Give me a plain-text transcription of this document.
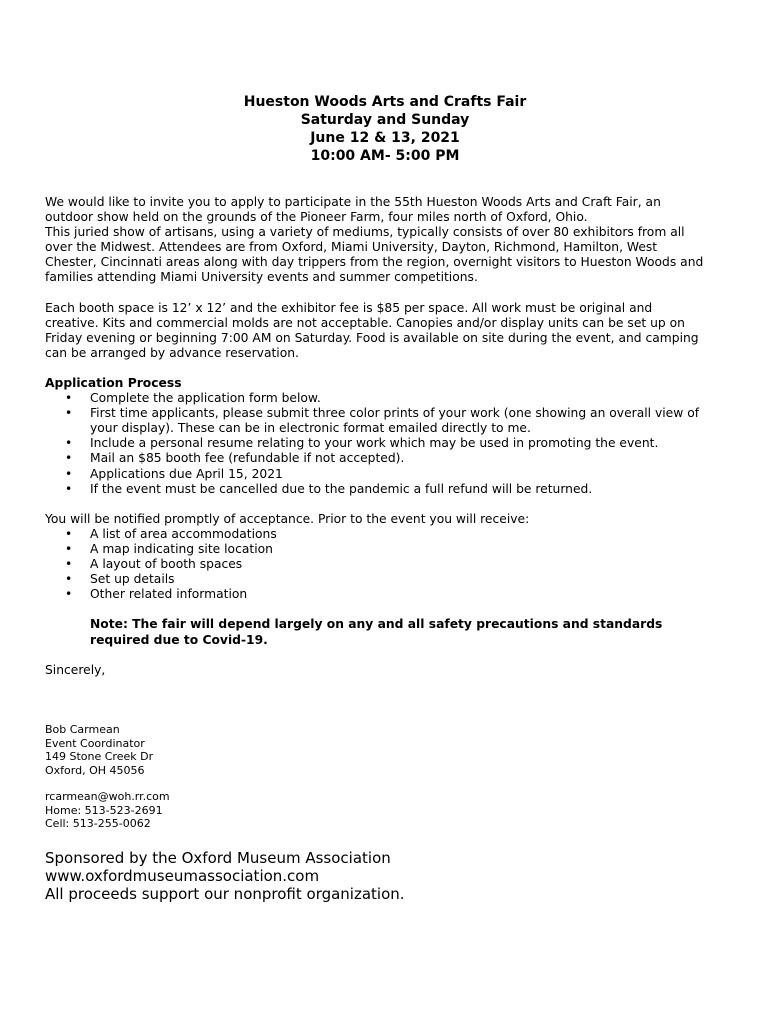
Hueston Woods Arts and Crafts Fair
Saturday and Sunday
June 12 & 13, 2021
10:00 AM- 5:00 PM

We would like to invite you to apply to participate in the 55th Hueston Woods Arts and Craft Fair, an

outdoor show held on the grounds of the Pioneer Farm, four miles north of Oxford, Ohio.

This juried show of artisans, using a variety of mediums, typically consists of over 80 exhibitors from all

over the Midwest. Attendees are from Oxford, Miami University, Dayton, Richmond, Hamilton, West

Chester, Cincinnati areas along with day trippers from the region, overnight visitors to Hueston Woods and

families attending Miami University events and summer competitions.

Each booth space is 12’ x 12’ and the exhibitor fee is $85 per space. All work must be original and

creative. Kits and commercial molds are not acceptable. Canopies and/or display units can be set up on

Friday evening or beginning 7:00 AM on Saturday. Food is available on site during the event, and camping

can be arranged by advance reservation.

Application Process

• Complete the application form below.
• First time applicants, please submit three color prints of your work (one showing an overall view of
your display). These can be in electronic format emailed directly to me.
• Include a personal resume relating to your work which may be used in promoting the event.
• Mail an $85 booth fee (refundable if not accepted).
• Applications due April 15, 2021
• If the event must be cancelled due to the pandemic a full refund will be returned.

You will be notified promptly of acceptance. Prior to the event you will receive:

• A list of area accommodations
• A map indicating site location
• A layout of booth spaces
• Set up details
• Other related information
Note: The fair will depend largely on any and all safety precautions and standards
required due to Covid-19.

Sincerely,

Bob Carmean
Event Coordinator
149 Stone Creek Dr
Oxford, OH 45056
rcarmean@woh.rr.com
Home: 513-523-2691
Cell: 513-255-0062
Sponsored by the Oxford Museum Association
www.oxfordmuseumassociation.com
All proceeds support our nonprofit organization.
